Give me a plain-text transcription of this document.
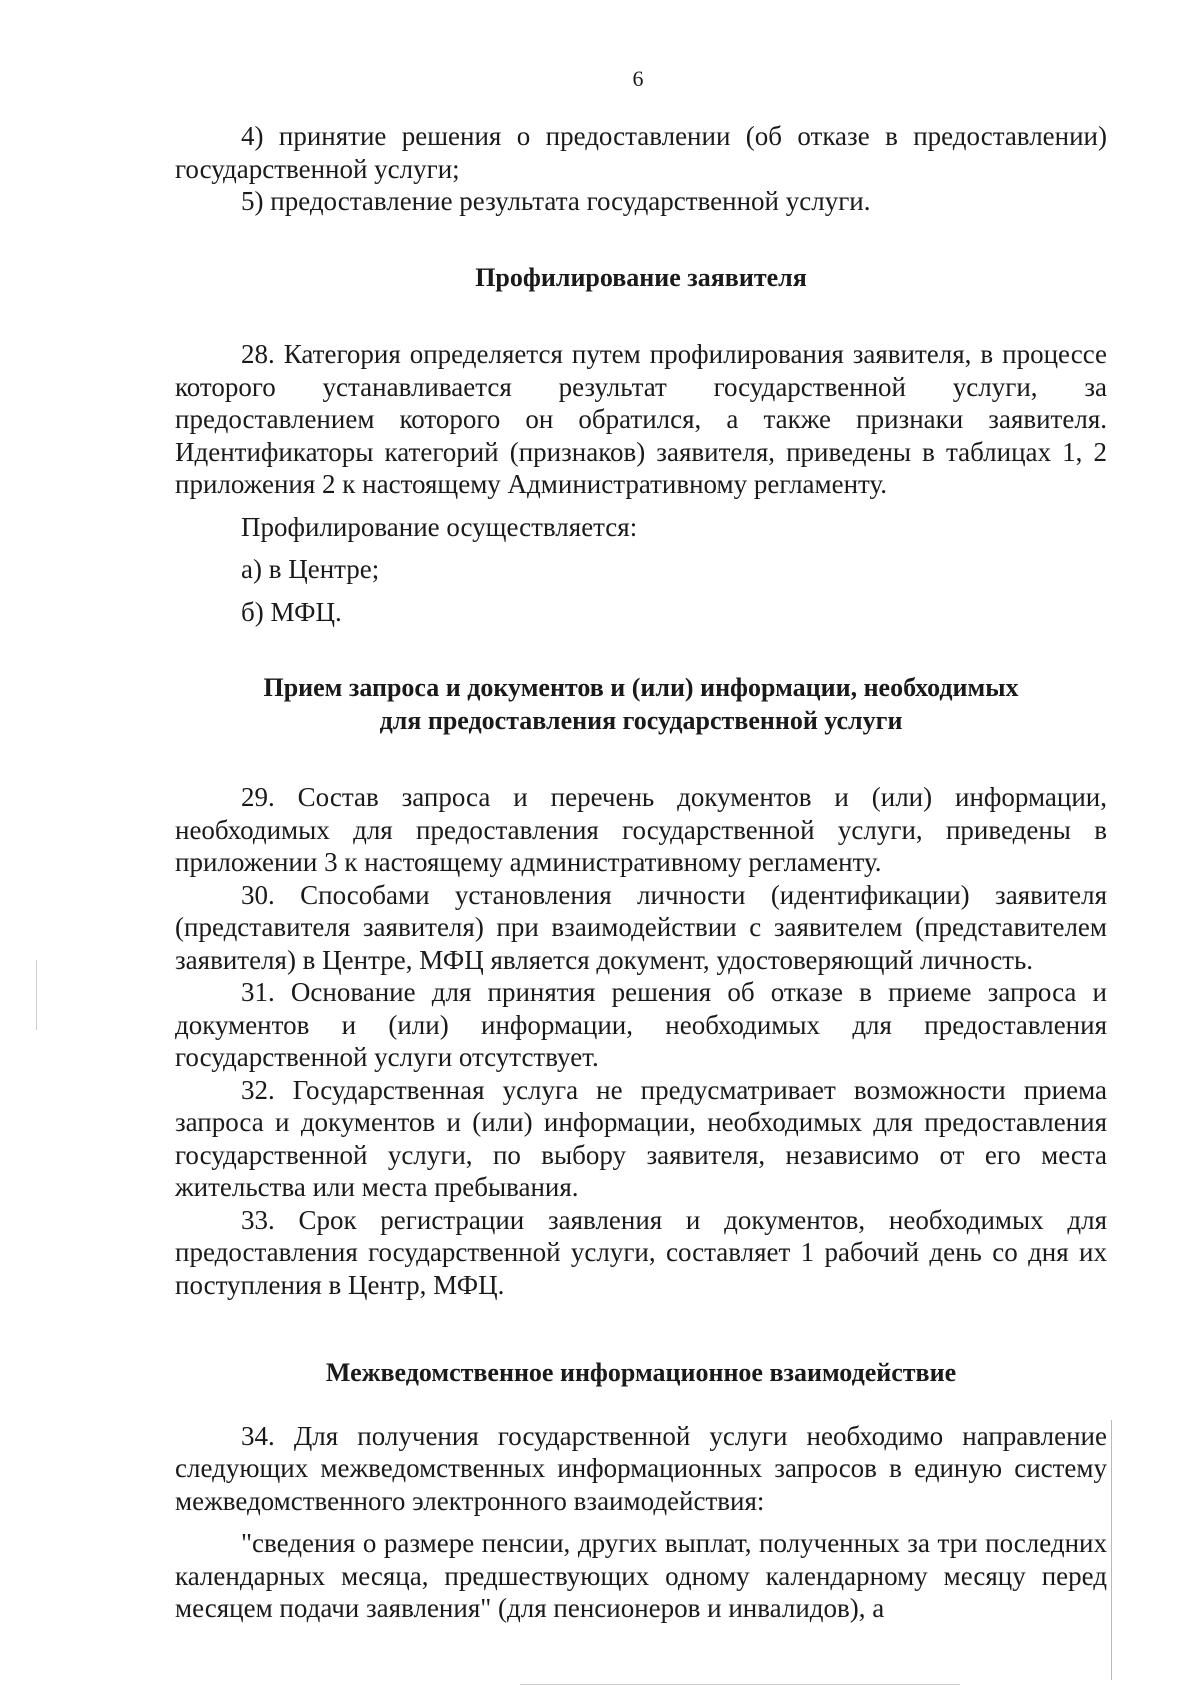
6

4) принятие решения о предоставлении (об отказе в предоставлении) государственной услуги;

5) предоставление результата государственной услуги.

Профилирование заявителя

28. Категория определяется путем профилирования заявителя, в процессе которого устанавливается результат государственной услуги, за предоставлением которого он обратился, а также признаки заявителя. Идентификаторы категорий (признаков) заявителя, приведены в таблицах 1, 2 приложения 2 к настоящему Административному регламенту.

Профилирование осуществляется:

а) в Центре;

б) МФЦ.

Прием запроса и документов и (или) информации, необходимых
для предоставления государственной услуги

29. Состав запроса и перечень документов и (или) информации, необходимых для предоставления государственной услуги, приведены в приложении 3 к настоящему административному регламенту.

30. Способами установления личности (идентификации) заявителя (представителя заявителя) при взаимодействии с заявителем (представителем заявителя) в Центре, МФЦ является документ, удостоверяющий личность.

31. Основание для принятия решения об отказе в приеме запроса и документов и (или) информации, необходимых для предоставления государственной услуги отсутствует.

32. Государственная услуга не предусматривает возможности приема запроса и документов и (или) информации, необходимых для предоставления государственной услуги, по выбору заявителя, независимо от его места жительства или места пребывания.

33. Срок регистрации заявления и документов, необходимых для предоставления государственной услуги, составляет 1 рабочий день со дня их поступления в Центр, МФЦ.

Межведомственное информационное взаимодействие

34. Для получения государственной услуги необходимо направление следующих межведомственных информационных запросов в единую систему межведомственного электронного взаимодействия:

"сведения о размере пенсии, других выплат, полученных за три последних календарных месяца, предшествующих одному календарному месяцу перед месяцем подачи заявления" (для пенсионеров и инвалидов), а
